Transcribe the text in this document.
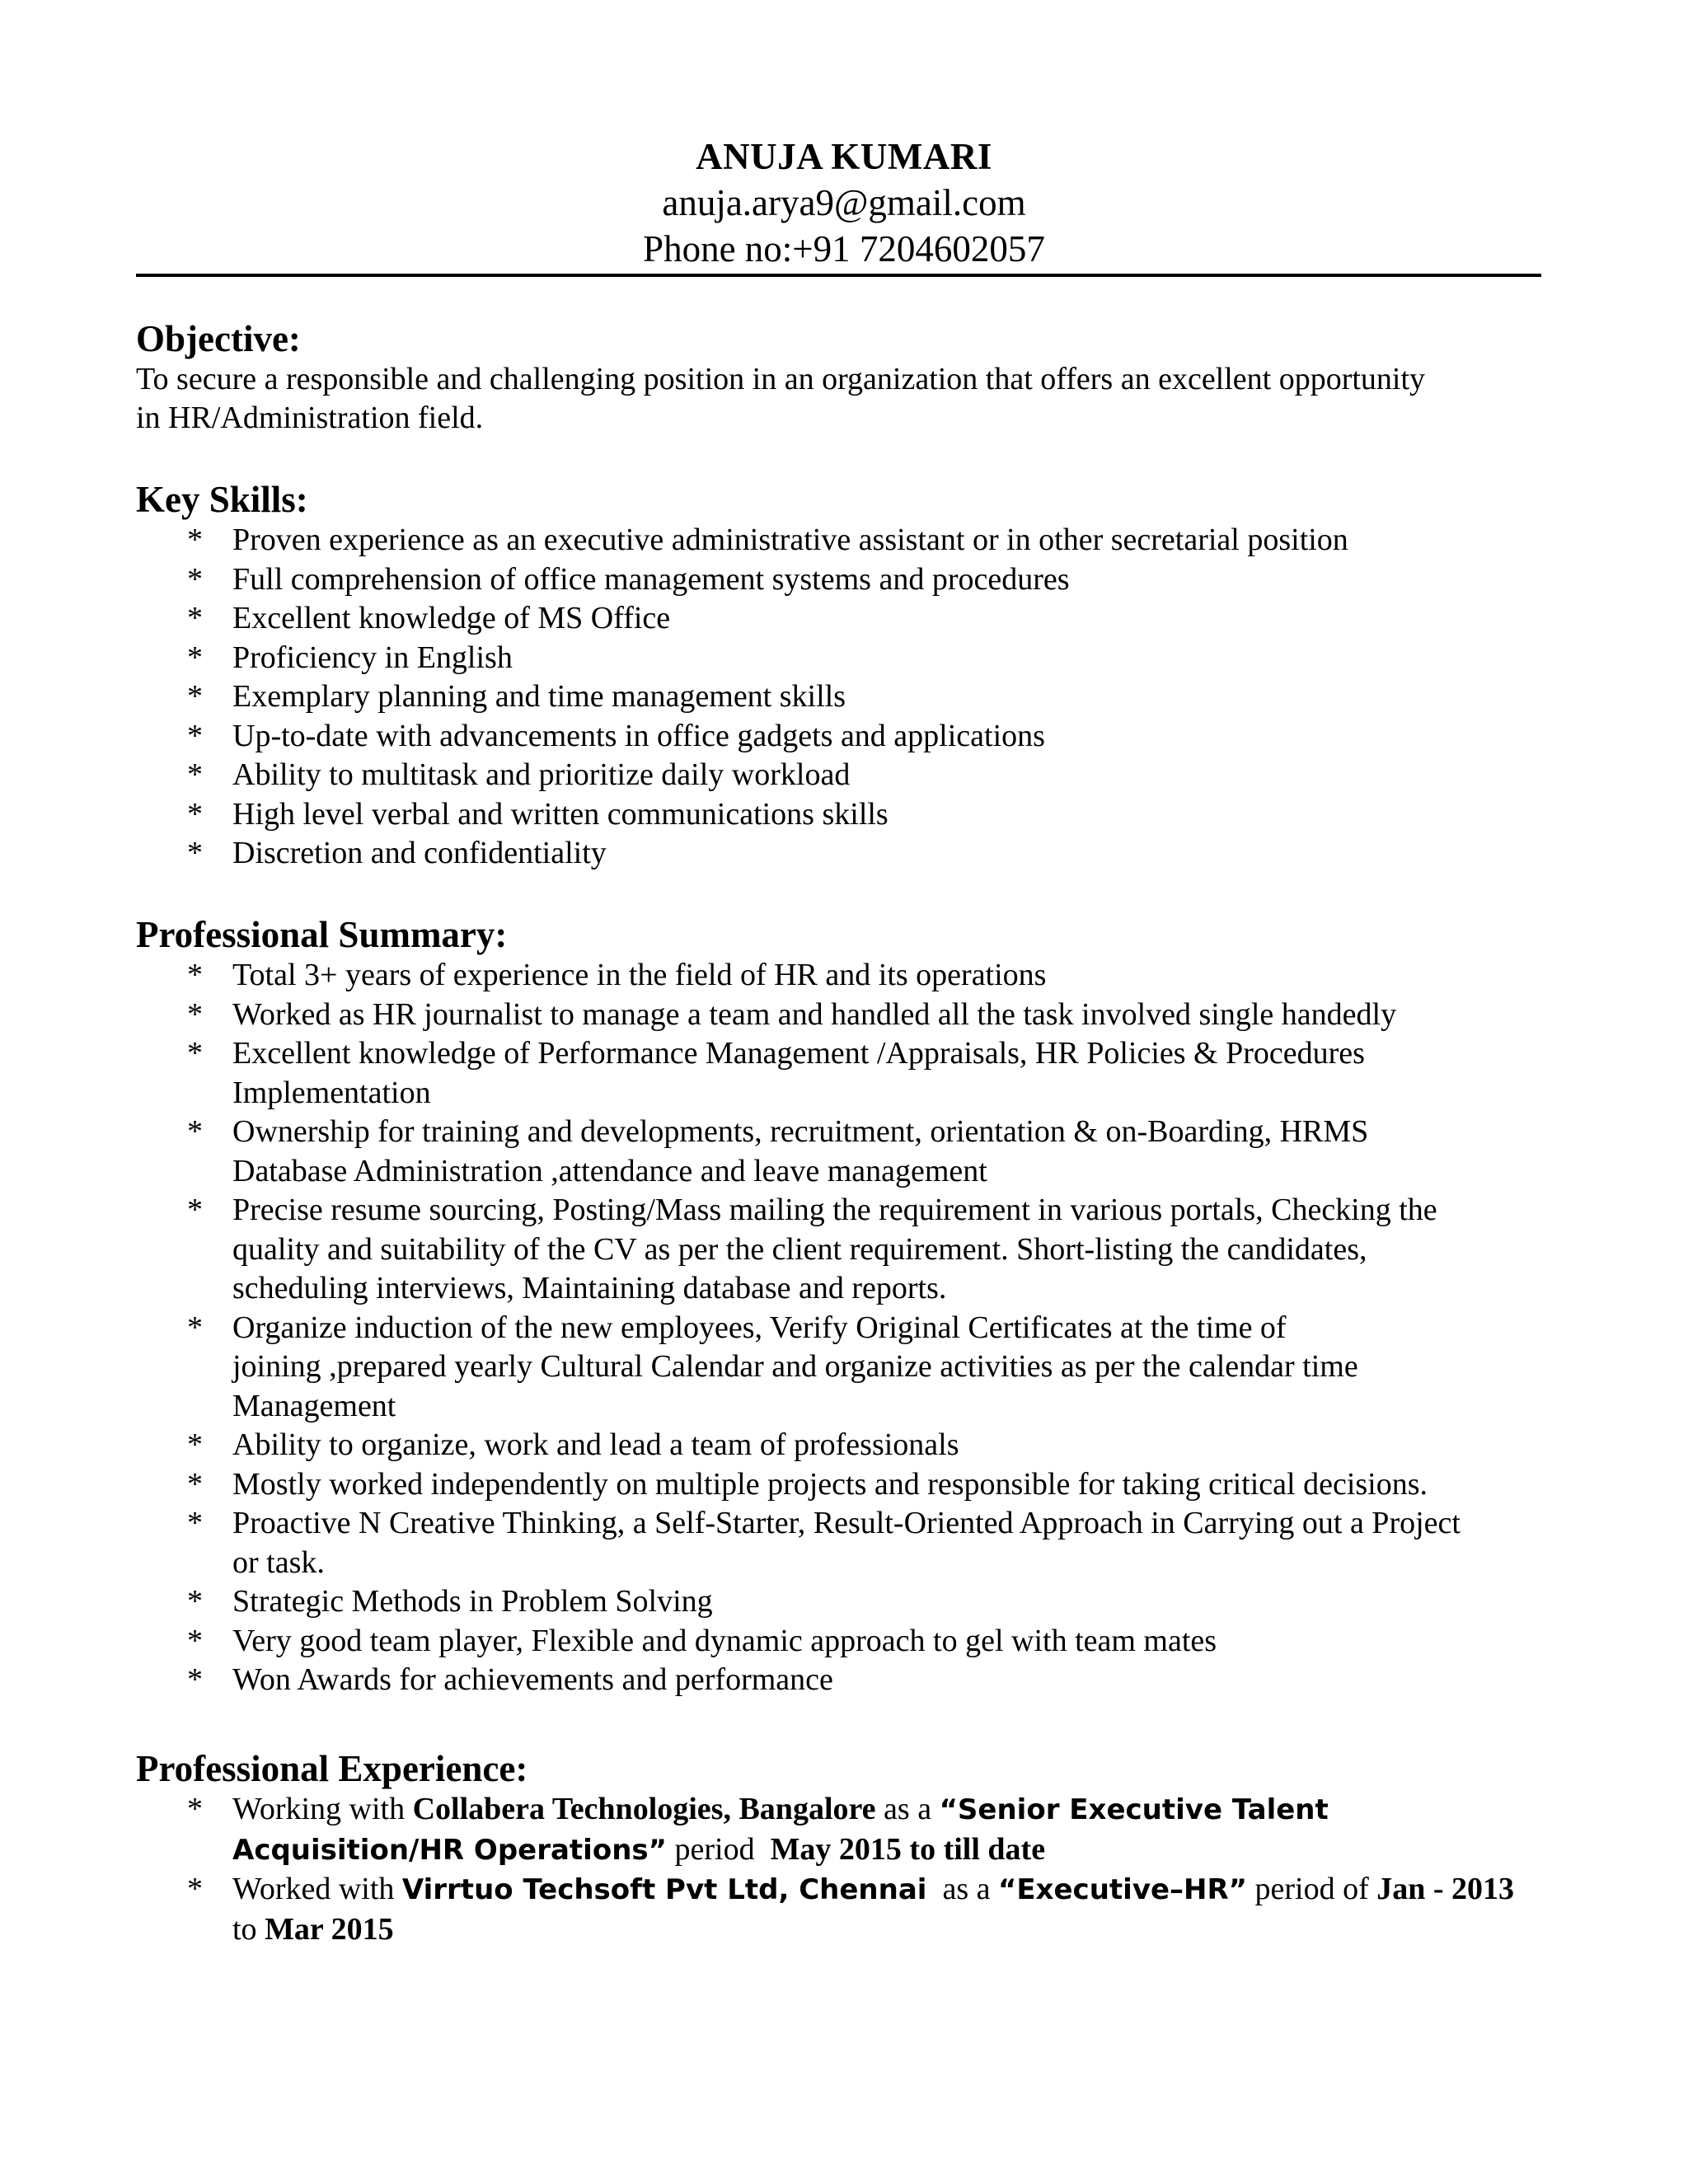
ANUJA KUMARI
anuja.arya9@gmail.com
Phone no:+91 7204602057
Objective:

To secure a responsible and challenging position in an organization that offers an excellent opportunity

in HR/Administration field.

Key Skills:
* Proven experience as an executive administrative assistant or in other secretarial position
* Full comprehension of office management systems and procedures
* Excellent knowledge of MS Office
* Proficiency in English
* Exemplary planning and time management skills
* Up-to-date with advancements in office gadgets and applications
* Ability to multitask and prioritize daily workload
* High level verbal and written communications skills
* Discretion and confidentiality
Professional Summary:
* Total 3+ years of experience in the field of HR and its operations
* Worked as HR journalist to manage a team and handled all the task involved single handedly
* Excellent knowledge of Performance Management /Appraisals, HR Policies & Procedures
Implementation
* Ownership for training and developments, recruitment, orientation & on-Boarding, HRMS
Database Administration ,attendance and leave management
* Precise resume sourcing, Posting/Mass mailing the requirement in various portals, Checking the
quality and suitability of the CV as per the client requirement. Short-listing the candidates,
scheduling interviews, Maintaining database and reports.
* Organize induction of the new employees, Verify Original Certificates at the time of
joining ,prepared yearly Cultural Calendar and organize activities as per the calendar time
Management
* Ability to organize, work and lead a team of professionals
* Mostly worked independently on multiple projects and responsible for taking critical decisions.
* Proactive N Creative Thinking, a Self-Starter, Result-Oriented Approach in Carrying out a Project
or task.
* Strategic Methods in Problem Solving
* Very good team player, Flexible and dynamic approach to gel with team mates
* Won Awards for achievements and performance
Professional Experience:
* Working with Collabera Technologies, Bangalore as a “Senior Executive Talent
Acquisition/HR Operations” period  May 2015 to till date
* Worked with Virrtuo Techsoft Pvt Ltd, Chennai  as a “Executive–HR” period of Jan - 2013
to Mar 2015
